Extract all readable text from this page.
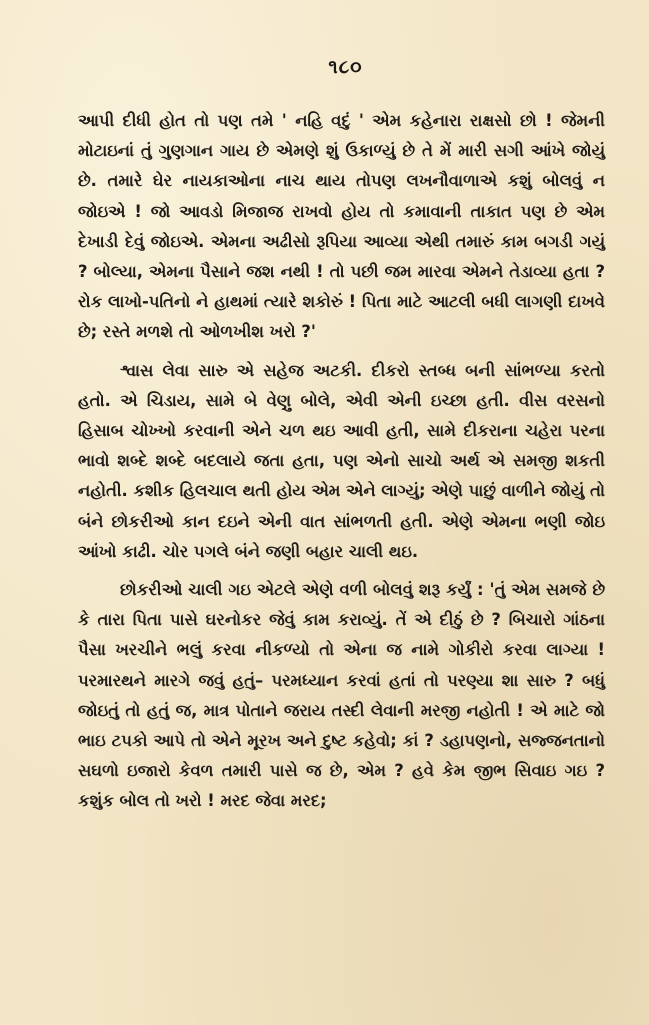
૧૮૦

આપી દીધી હોત તો પણ તમે ' નહિ વદું ' એમ કહેનારા રાક્ષસો છો ! જેમની મોટાઇનાં તું ગુણગાન ગાય છે એમણે શું ઉકાળ્યું છે તે મેં મારી સગી આંખે જોયું છે. તમારે ઘેર નાયકાઓના નાચ થાય તોપણ લખનૌવાળાએ કશું બોલવું ન જોઇએ ! જો આવડો મિજાજ રાખવો હોય તો કમાવાની તાકાત પણ છે એમ દેખાડી દેવું જોઇએ. એમના અઢીસો રૂપિયા આવ્યા એથી તમારું કામ બગડી ગયું ? બોલ્યા, એમના પૈસાને જશ નથી ! તો પછી જમ મારવા એમને તેડાવ્યા હતા ? રોક લાખો-પતિનો ને હાથમાં ત્યારે શકોરું ! પિતા માટે આટલી બધી લાગણી દાખવે છે; રસ્તે મળશે તો ઓળખીશ ખરો ?'

શ્વાસ લેવા સારુ એ સહેજ અટકી. દીકરો સ્તબ્ધ બની સાંભળ્યા કરતો હતો. એ ચિડાય, સામે બે વેણુ બોલે, એવી એની ઇચ્છા હતી. વીસ વરસનો હિસાબ ચોખ્ખો કરવાની એને ચળ થઇ આવી હતી, સામે દીકરાના ચહેરા પરના ભાવો શબ્દે શબ્દે બદલાયે જતા હતા, પણ એનો સાચો અર્થ એ સમજી શકતી નહોતી. કશીક હિલચાલ થતી હોય એમ એને લાગ્યું; એણે પાછું વાળીને જોયું તો બંને છોકરીઓ કાન દઇને એની વાત સાંભળતી હતી. એણે એમના ભણી જોઇ આંખો કાઢી. ચોર પગલે બંને જણી બહાર ચાલી થઇ.

છોકરીઓ ચાલી ગઇ એટલે એણે વળી બોલવું શરૂ કર્યું : 'તું એમ સમજે છે કે તારા પિતા પાસે ઘરનોકર જેવું કામ કરાવ્યું. તેં એ દીઠું છે ? બિચારો ગાંઠના પૈસા ખરચીને ભલું કરવા નીકળ્યો તો એના જ નામે ગોકીરો કરવા લાગ્યા ! પરમારથને મારગે જવું હતું– પરમધ્યાન કરવાં હતાં તો પરણ્યા શા સારુ ? બધું જોઇતું તો હતું જ, માત્ર પોતાને જરાય તસ્દી લેવાની મરજી નહોતી ! એ માટે જો ભાઇ ટપકો આપે તો એને મૂરખ અને દુષ્ટ કહેવો; કાં ? ડહાપણનો, સજ્જનતાનો સઘળો ઇજારો કેવળ તમારી પાસે જ છે, એમ ? હવે કેમ જીભ સિવાઇ ગઇ ? કશુંક બોલ તો ખરો ! મરદ જેવા મરદ;
